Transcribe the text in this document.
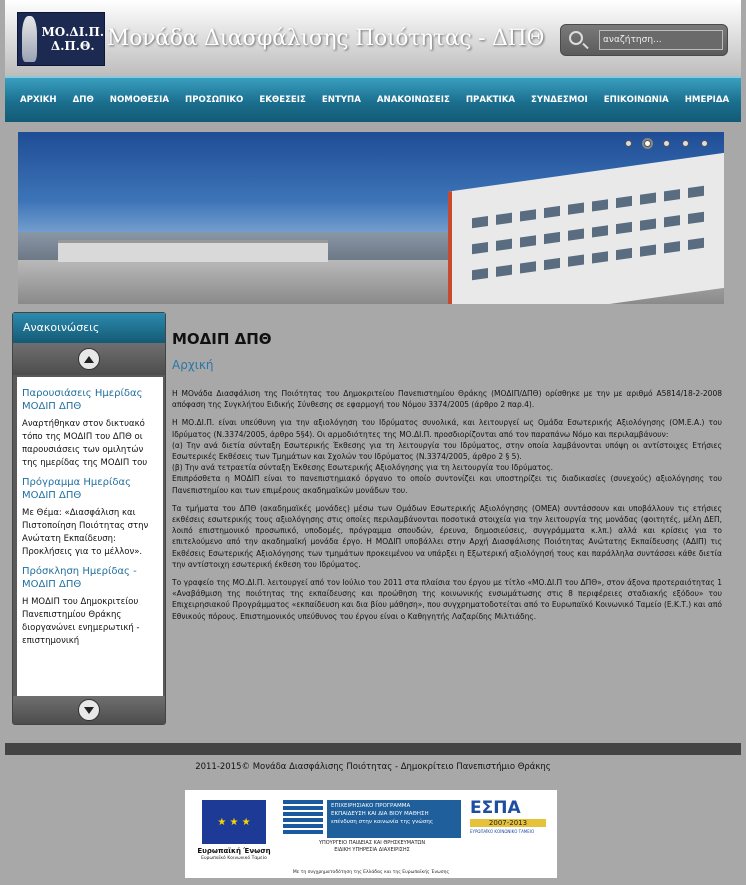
ΜΟ.ΔΙ.Π.
Δ.Π.Θ. Μονάδα Διασφάλισης Ποιότητας - ΔΠΘ
αναζήτηση...
ΑΡΧΙΚΗ ΔΠΘ ΝΟΜΟΘΕΣΙΑ ΠΡΟΣΩΠΙΚΟ ΕΚΘΕΣΕΙΣ ΕΝΤΥΠΑ ΑΝΑΚΟΙΝΩΣΕΙΣ ΠΡΑΚΤΙΚΑ ΣΥΝΔΕΣΜΟΙ ΕΠΙΚΟΙΝΩΝΙΑ ΗΜΕΡΙΔΑ
Ανακοινώσεις
Παρουσιάσεις Ημερίδας ΜΟΔΙΠ ΔΠΘ
Αναρτήθηκαν στον δικτυακό τόπο της ΜΟΔΙΠ του ΔΠΘ οι παρουσιάσεις των ομιλητών της ημερίδας της ΜΟΔΙΠ του
Πρόγραμμα Ημερίδας ΜΟΔΙΠ ΔΠΘ
Με Θέμα: «Διασφάλιση και Πιστοποίηση Ποιότητας στην Ανώτατη Εκπαίδευση: Προκλήσεις για το μέλλον».
Πρόσκληση Ημερίδας - ΜΟΔΙΠ ΔΠΘ
Η ΜΟΔΙΠ του Δημοκριτείου Πανεπιστημίου Θράκης διοργανώνει ενημερωτική - επιστημονική
ΜΟΔΙΠ ΔΠΘ
Αρχική

Η ΜΟνάδα Διασφάλιση της Ποιότητας του Δημοκριτείου Πανεπιστημίου Θράκης (ΜΟΔΙΠ/ΔΠΘ) ορίσθηκε με την με αριθμό Α5814/18-2-2008 απόφαση της Συγκλήτου Ειδικής Σύνθεσης σε εφαρμογή του Νόμου 3374/2005 (άρθρο 2 παρ.4).

Η ΜΟ.ΔΙ.Π. είναι υπεύθυνη για την αξιολόγηση του Ιδρύματος συνολικά, και λειτουργεί ως Ομάδα Εσωτερικής Αξιολόγησης (ΟΜ.Ε.Α.) του Ιδρύματος (Ν.3374/2005, άρθρο 5§4). Οι αρμοδιότητες της ΜΟ.ΔΙ.Π. προσδιορίζονται από τον παραπάνω Νόμο και περιλαμβάνουν:

(α) Την ανά διετία σύνταξη Εσωτερικής Έκθεσης για τη λειτουργία του Ιδρύματος, στην οποία λαμβάνονται υπόψη οι αντίστοιχες Ετήσιες Εσωτερικές Εκθέσεις των Τμημάτων και Σχολών του Ιδρύματος (Ν.3374/2005, άρθρο 2 § 5).

(β) Την ανά τετραετία σύνταξη Έκθεσης Εσωτερικής Αξιολόγησης για τη λειτουργία του Ιδρύματος.

Επιπρόσθετα η ΜΟΔΙΠ είναι το πανεπιστημιακό όργανο το οποίο συντονίζει και υποστηρίζει τις διαδικασίες (συνεχούς) αξιολόγησης του Πανεπιστημίου και των επιμέρους ακαδημαϊκών μονάδων του.

Τα τμήματα του ΔΠΘ (ακαδημαϊκές μονάδες) μέσω των Ομάδων Εσωτερικής Αξιολόγησης (ΟΜΕΑ) συντάσσουν και υποβάλλουν τις ετήσιες εκθέσεις εσωτερικής τους αξιολόγησης στις οποίες περιλαμβάνονται ποσοτικά στοιχεία για την λειτουργία της μονάδας (φοιτητές, μέλη ΔΕΠ, λοιπό επιστημονικό προσωπικό, υποδομές, πρόγραμμα σπουδών, έρευνα, δημοσιεύσεις, συγγράμματα κ.λπ.) αλλά και κρίσεις για το επιτελούμενο από την ακαδημαϊκή μονάδα έργο. Η ΜΟΔΙΠ υποβάλλει στην Αρχή Διασφάλισης Ποιότητας Ανώτατης Εκπαίδευσης (ΑΔΙΠ) τις Εκθέσεις Εσωτερικής Αξιολόγησης των τμημάτων προκειμένου να υπάρξει η Εξωτερική αξιολόγησή τους και παράλληλα συντάσσει κάθε διετία την αντίστοιχη εσωτερική έκθεση του Ιδρύματος.

Το γραφείο της ΜΟ.ΔΙ.Π. λειτουργεί από τον Ιούλιο του 2011 στα πλαίσια του έργου με τίτλο «ΜΟ.ΔΙ.Π του ΔΠΘ», στον άξονα προτεραιότητας 1 «Αναβάθμιση της ποιότητας της εκπαίδευσης και προώθηση της κοινωνικής ενσωμάτωσης στις 8 περιφέρειες σταδιακής εξόδου» του Επιχειρησιακού Προγράμματος «εκπαίδευση και δια βίου μάθηση», που συγχρηματοδοτείται από το Ευρωπαϊκό Κοινωνικό Ταμείο (Ε.Κ.Τ.) και από Εθνικούς πόρους. Επιστημονικός υπεύθυνος του έργου είναι ο Καθηγητής Λαζαρίδης Μιλτιάδης.

2011-2015© Μονάδα Διασφάλισης Ποιότητας - Δημοκρίτειο Πανεπιστήμιο Θράκης
★ ★ ★
Ευρωπαϊκή Ένωση
Ευρωπαϊκό Κοινωνικό Ταμείο
ΕΠΙΧΕΙΡΗΣΙΑΚΟ ΠΡΟΓΡΑΜΜΑ
ΕΚΠΑΙΔΕΥΣΗ ΚΑΙ ΔΙΑ ΒΙΟΥ ΜΑΘΗΣΗ
επένδυση στην κοινωνία της γνώσης
ΥΠΟΥΡΓΕΙΟ ΠΑΙΔΕΙΑΣ ΚΑΙ ΘΡΗΣΚΕΥΜΑΤΩΝ
ΕΙΔΙΚΗ ΥΠΗΡΕΣΙΑ ΔΙΑΧΕΙΡΙΣΗΣ
ΕΣΠΑ
2007-2013
ΕΥΡΩΠΑΪΚΟ ΚΟΙΝΩΝΙΚΟ ΤΑΜΕΙΟ
Με τη συγχρηματοδότηση της Ελλάδας και της Ευρωπαϊκής Ένωσης
